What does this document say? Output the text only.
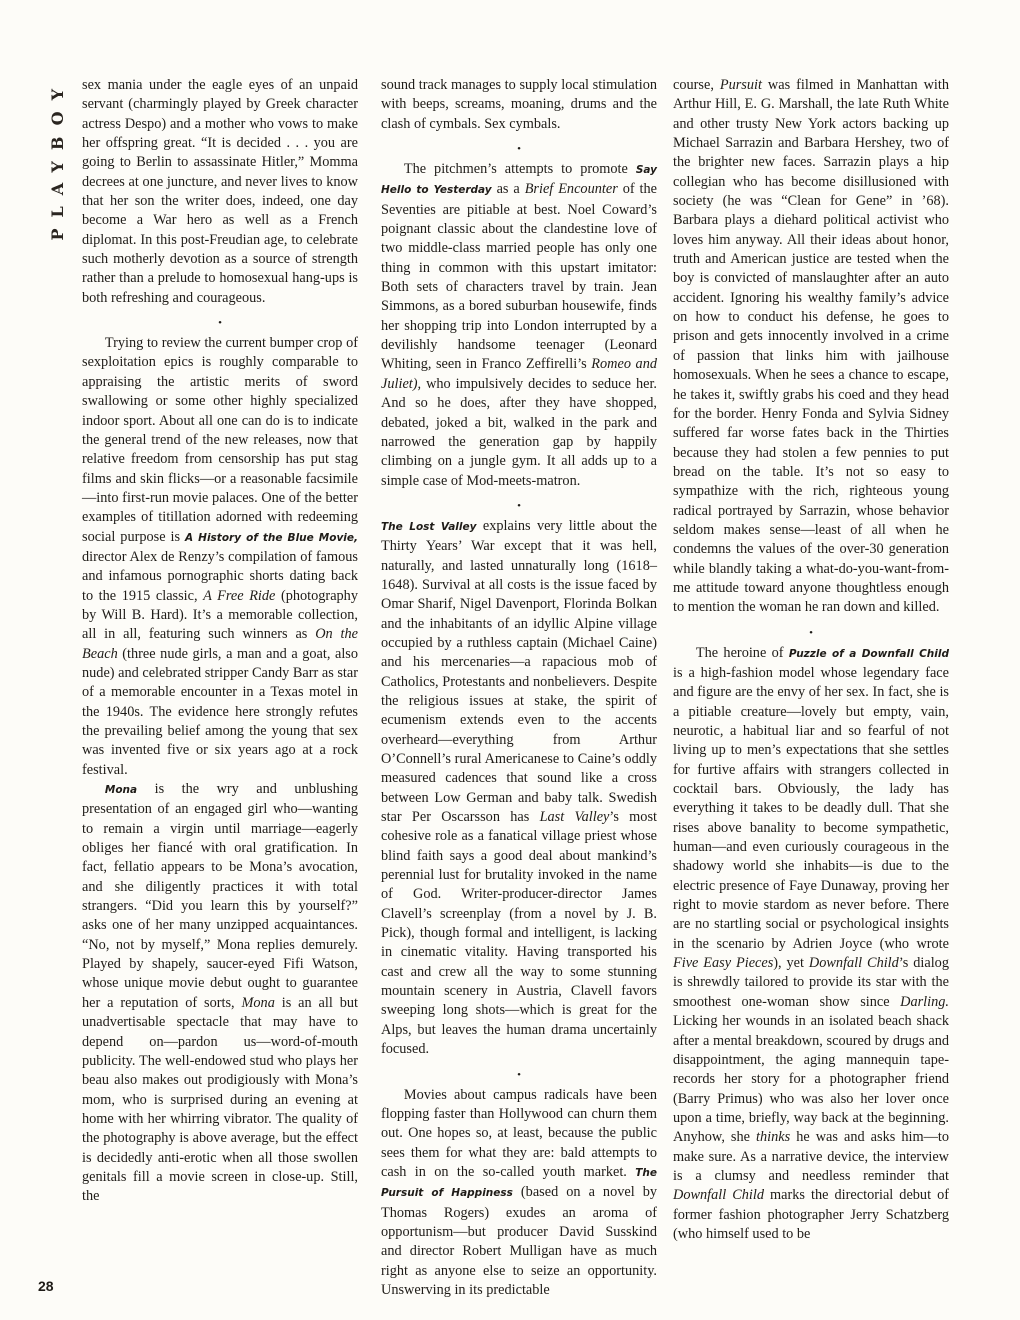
PLAYBOY
28

sex mania under the eagle eyes of an unpaid servant (charmingly played by Greek character actress Despo) and a mother who vows to make her offspring great. “It is decided . . . you are going to Berlin to assassinate Hitler,” Momma decrees at one juncture, and never lives to know that her son the writer does, indeed, one day become a War hero as well as a French diplomat. In this post-Freudian age, to celebrate such motherly devotion as a source of strength rather than a prelude to homosexual hang-ups is both refreshing and courageous.

•

Trying to review the current bumper crop of sexploitation epics is roughly comparable to appraising the artistic merits of sword swallowing or some other highly specialized indoor sport. About all one can do is to indicate the general trend of the new releases, now that relative freedom from censorship has put stag films and skin flicks—or a reasonable facsimile—into first-run movie palaces. One of the better examples of titillation adorned with redeeming social purpose is A History of the Blue Movie, director Alex de Renzy’s compilation of famous and infamous pornographic shorts dating back to the 1915 classic, A Free Ride (photography by Will B. Hard). It’s a memorable collection, all in all, featuring such winners as On the Beach (three nude girls, a man and a goat, also nude) and celebrated stripper Candy Barr as star of a memorable encounter in a Texas motel in the 1940s. The evidence here strongly refutes the prevailing belief among the young that sex was invented five or six years ago at a rock festival.

Mona is the wry and unblushing presentation of an engaged girl who—wanting to remain a virgin until marriage—eagerly obliges her fiancé with oral gratification. In fact, fellatio appears to be Mona’s avocation, and she diligently practices it with total strangers. “Did you learn this by yourself?” asks one of her many unzipped acquaintances. “No, not by myself,” Mona replies demurely. Played by shapely, saucer-eyed Fifi Watson, whose unique movie debut ought to guarantee her a reputation of sorts, Mona is an all but unadvertisable spectacle that may have to depend on—pardon us—word-of-mouth publicity. The well-endowed stud who plays her beau also makes out prodigiously with Mona’s mom, who is surprised during an evening at home with her whirring vibrator. The quality of the photography is above average, but the effect is decidedly anti-erotic when all those swollen genitals fill a movie screen in close-up. Still, the

sound track manages to supply local stimulation with beeps, screams, moaning, drums and the clash of cymbals. Sex cymbals.

•

The pitchmen’s attempts to promote Say Hello to Yesterday as a Brief Encounter of the Seventies are pitiable at best. Noel Coward’s poignant classic about the clandestine love of two middle-class married people has only one thing in common with this upstart imitator: Both sets of characters travel by train. Jean Simmons, as a bored suburban housewife, finds her shopping trip into London interrupted by a devilishly handsome teenager (Leonard Whiting, seen in Franco Zeffirelli’s Romeo and Juliet), who impulsively decides to seduce her. And so he does, after they have shopped, debated, joked a bit, walked in the park and narrowed the generation gap by happily climbing on a jungle gym. It all adds up to a simple case of Mod-meets-matron.

•

The Lost Valley explains very little about the Thirty Years’ War except that it was hell, naturally, and lasted unnaturally long (1618–1648). Survival at all costs is the issue faced by Omar Sharif, Nigel Davenport, Florinda Bolkan and the inhabitants of an idyllic Alpine village occupied by a ruthless captain (Michael Caine) and his mercenaries—a rapacious mob of Catholics, Protestants and nonbelievers. Despite the religious issues at stake, the spirit of ecumenism extends even to the accents overheard—everything from Arthur O’Connell’s rural Americanese to Caine’s oddly measured cadences that sound like a cross between Low German and baby talk. Swedish star Per Oscarsson has Last Valley’s most cohesive role as a fanatical village priest whose blind faith says a good deal about mankind’s perennial lust for brutality invoked in the name of God. Writer-producer-director James Clavell’s screenplay (from a novel by J. B. Pick), though formal and intelligent, is lacking in cinematic vitality. Having transported his cast and crew all the way to some stunning mountain scenery in Austria, Clavell favors sweeping long shots—which is great for the Alps, but leaves the human drama uncertainly focused.

•

Movies about campus radicals have been flopping faster than Hollywood can churn them out. One hopes so, at least, because the public sees them for what they are: bald attempts to cash in on the so-called youth market. The Pursuit of Happiness (based on a novel by Thomas Rogers) exudes an aroma of opportunism—but producer David Susskind and director Robert Mulligan have as much right as anyone else to seize an opportunity. Unswerving in its predictable

course, Pursuit was filmed in Manhattan with Arthur Hill, E. G. Marshall, the late Ruth White and other trusty New York actors backing up Michael Sarrazin and Barbara Hershey, two of the brighter new faces. Sarrazin plays a hip collegian who has become disillusioned with society (he was “Clean for Gene” in ’68). Barbara plays a diehard political activist who loves him anyway. All their ideas about honor, truth and American justice are tested when the boy is convicted of manslaughter after an auto accident. Ignoring his wealthy family’s advice on how to conduct his defense, he goes to prison and gets innocently involved in a crime of passion that links him with jailhouse homosexuals. When he sees a chance to escape, he takes it, swiftly grabs his coed and they head for the border. Henry Fonda and Sylvia Sidney suffered far worse fates back in the Thirties because they had stolen a few pennies to put bread on the table. It’s not so easy to sympathize with the rich, righteous young radical portrayed by Sarrazin, whose behavior seldom makes sense—least of all when he condemns the values of the over-30 generation while blandly taking a what-do-you-want-from-me attitude toward anyone thoughtless enough to mention the woman he ran down and killed.

•

The heroine of Puzzle of a Downfall Child is a high-fashion model whose legendary face and figure are the envy of her sex. In fact, she is a pitiable creature—lovely but empty, vain, neurotic, a habitual liar and so fearful of not living up to men’s expectations that she settles for furtive affairs with strangers collected in cocktail bars. Obviously, the lady has everything it takes to be deadly dull. That she rises above banality to become sympathetic, human—and even curiously courageous in the shadowy world she inhabits—is due to the electric presence of Faye Dunaway, proving her right to movie stardom as never before. There are no startling social or psychological insights in the scenario by Adrien Joyce (who wrote Five Easy Pieces), yet Downfall Child’s dialog is shrewdly tailored to provide its star with the smoothest one-woman show since Darling. Licking her wounds in an isolated beach shack after a mental breakdown, scoured by drugs and disappointment, the aging mannequin tape-records her story for a photographer friend (Barry Primus) who was also her lover once upon a time, briefly, way back at the beginning. Anyhow, she thinks he was and asks him—to make sure. As a narrative device, the interview is a clumsy and needless reminder that Downfall Child marks the directorial debut of former fashion photographer Jerry Schatzberg (who himself used to be
